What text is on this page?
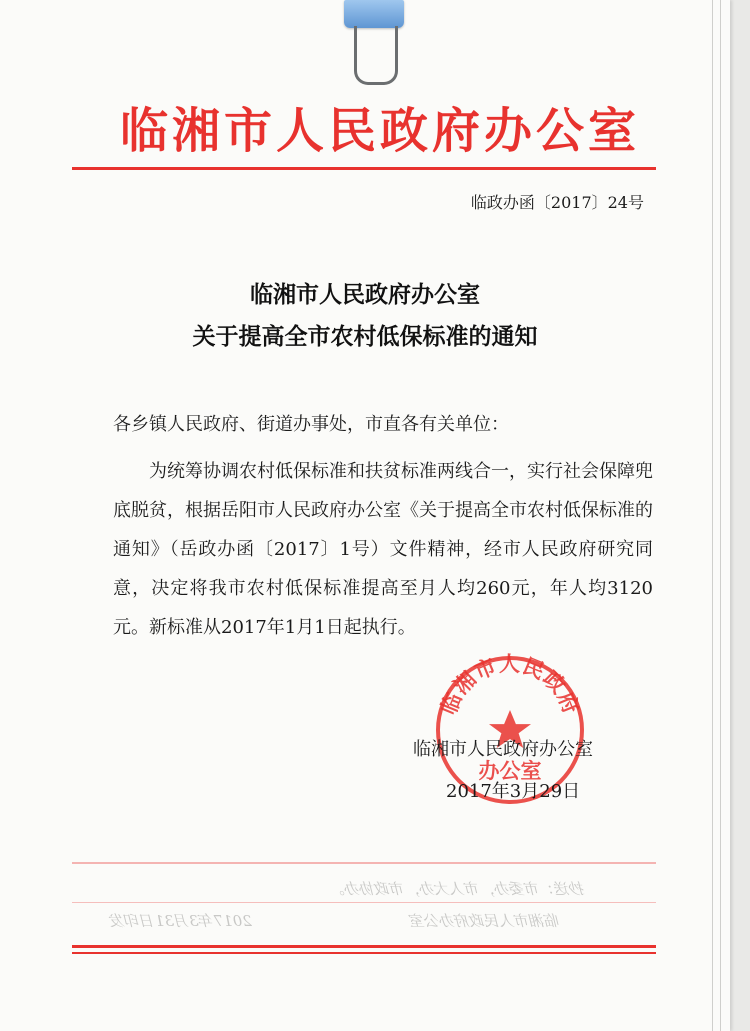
临湘市人民政府办公室
临政办函〔2017〕24号
临湘市人民政府办公室
关于提高全市农村低保标准的通知
各乡镇人民政府、街道办事处，市直各有关单位：

为统筹协调农村低保标准和扶贫标准两线合一，实行社会保障兜底脱贫，根据岳阳市人民政府办公室《关于提高全市农村低保标准的通知》（岳政办函〔2017〕1号）文件精神，经市人民政府研究同意，决定将我市农村低保标准提高至月人均260元，年人均3120元。新标准从2017年1月1日起执行。

临湘市人民政府
办公室
临湘市人民政府办公室
2017年3月29日
抄送：市委办，市人大办，市政协办。
2017年3月31日印发	临湘市人民政府办公室
